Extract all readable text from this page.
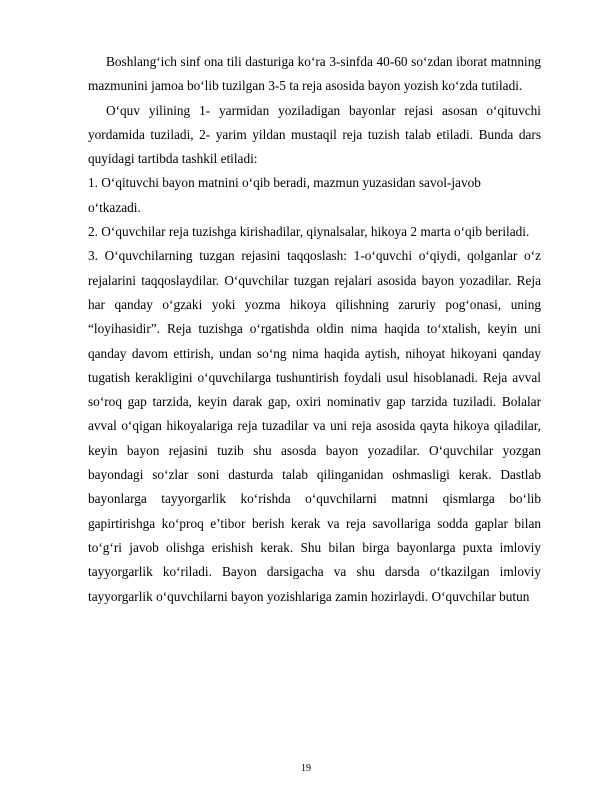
Boshlang‘ich sinf ona tili dasturiga ko‘ra 3-sinfda 40-60 so‘zdan iborat matnning mazmunini jamoa bo‘lib tuzilgan 3-5 ta reja asosida bayon yozish ko‘zda tutiladi.

O‘quv yilining 1- yarmidan yoziladigan bayonlar rejasi asosan o‘qituvchi yordamida tuziladi, 2- yarim yildan mustaqil reja tuzish talab etiladi. Bunda dars quyidagi tartibda tashkil etiladi:

1. O‘qituvchi bayon matnini o‘qib beradi, mazmun yuzasidan savol-javob

o‘tkazadi.

2. O‘quvchilar reja tuzishga kirishadilar, qiynalsalar, hikoya 2 marta o‘qib beriladi.

3. O‘quvchilarning tuzgan rejasini taqqoslash: 1-o‘quvchi o‘qiydi, qolganlar o‘z rejalarini taqqoslaydilar. O‘quvchilar tuzgan rejalari asosida bayon yozadilar. Reja har qanday o‘gzaki yoki yozma hikoya qilishning zaruriy pog‘onasi, uning “loyihasidir”. Reja tuzishga o‘rgatishda oldin nima haqida to‘xtalish, keyin uni qanday davom ettirish, undan so‘ng nima haqida aytish, nihoyat hikoyani qanday tugatish kerakligini o‘quvchilarga tushuntirish foydali usul hisoblanadi. Reja avval so‘roq gap tarzida, keyin darak gap, oxiri nominativ gap tarzida tuziladi. Bolalar avval o‘qigan hikoyalariga reja tuzadilar va uni reja asosida qayta hikoya qiladilar, keyin bayon rejasini tuzib shu asosda bayon yozadilar. O‘quvchilar yozgan bayondagi so‘zlar soni dasturda talab qilinganidan oshmasligi kerak. Dastlab bayonlarga tayyorgarlik ko‘rishda o‘quvchilarni matnni qismlarga bo‘lib gapirtirishga ko‘proq e’tibor berish kerak va reja savollariga sodda gaplar bilan to‘g‘ri javob olishga erishish kerak. Shu bilan birga bayonlarga puxta imloviy tayyorgarlik ko‘riladi. Bayon darsigacha va shu darsda o‘tkazilgan imloviy tayyorgarlik o‘quvchilarni bayon yozishlariga zamin hozirlaydi. O‘quvchilar butun

19
